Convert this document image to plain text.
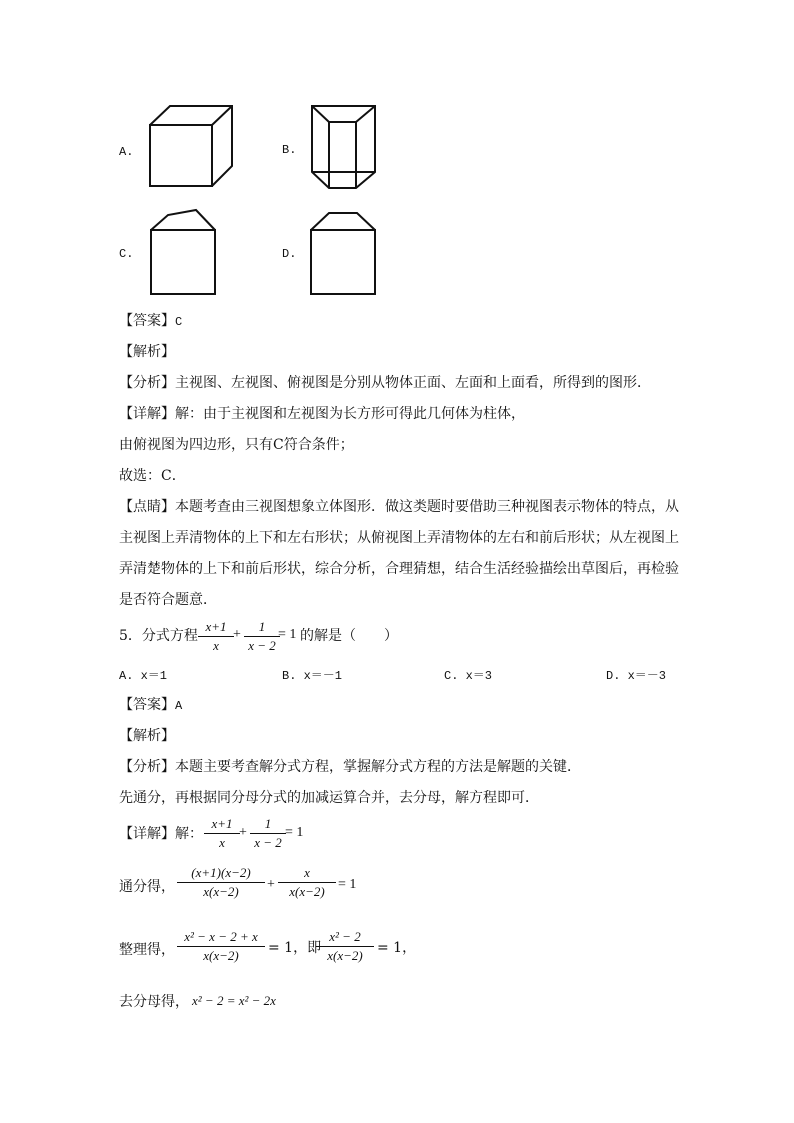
A.	B.
C.	D.
【答案】C
【解析】
【分析】主视图、左视图、俯视图是分别从物体正面、左面和上面看，所得到的图形．
【详解】解：由于主视图和左视图为长方形可得此几何体为柱体，
由俯视图为四边形，只有C符合条件；
故选：C．
【点睛】本题考查由三视图想象立体图形．做这类题时要借助三种视图表示物体的特点，从
主视图上弄清物体的上下和左右形状；从俯视图上弄清物体的左右和前后形状；从左视图上
弄清楚物体的上下和前后形状，综合分析，合理猜想，结合生活经验描绘出草图后，再检验
是否符合题意．
5．分式方程
x+1
x
+
1
x − 2
= 1 的解是（　　）
A. x＝1	B. x＝－1	C. x＝3	D. x＝－3
【答案】A
【解析】
【分析】本题主要考查解分式方程，掌握解分式方程的方法是解题的关键．
先通分，再根据同分母分式的加减运算合并，去分母，解方程即可．
【详解】解：
x+1
x
+
1
x − 2
= 1
通分得，
(x+1)(x−2)
x(x−2)	+
x
x(x−2) = 1
整理得，
x² − x − 2 + x
x(x−2)	= 1，即
x² − 2
x(x−2)	= 1，
去分母得， x² − 2 = x² − 2x
